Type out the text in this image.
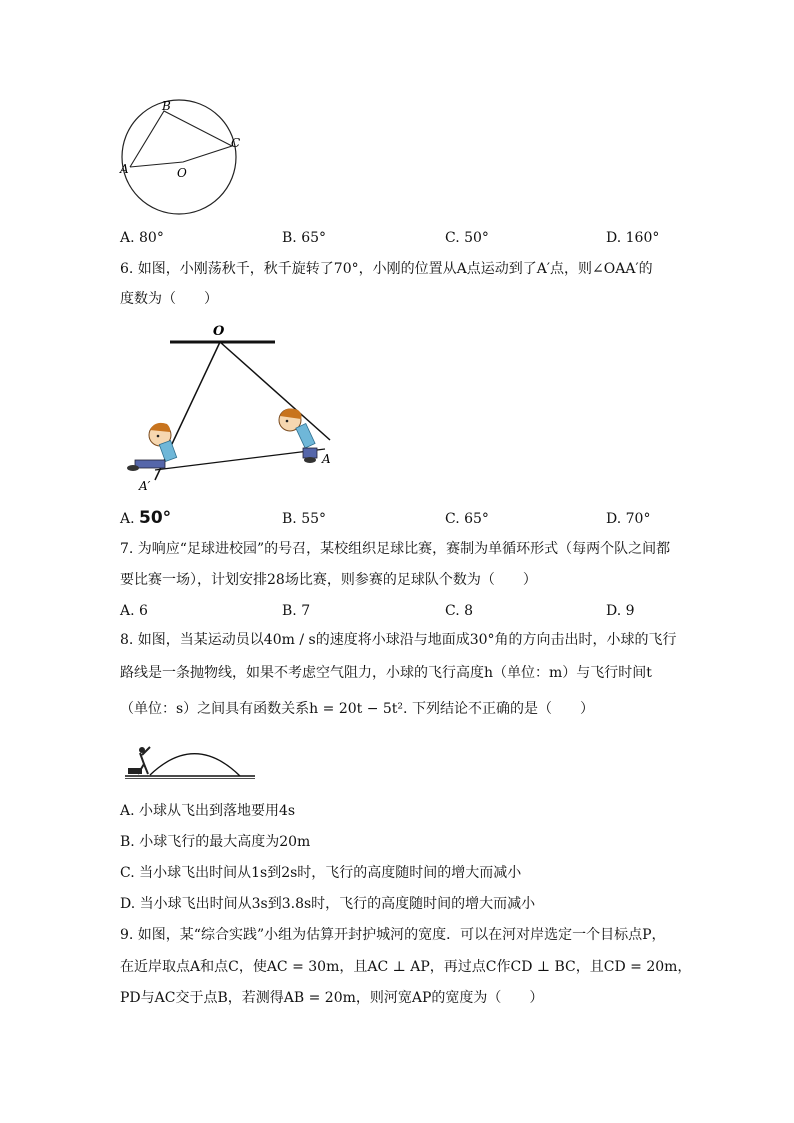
B
C
A	O
A. 80°	B. 65°	C. 50°	D. 160°
6. 如图，小刚荡秋千，秋千旋转了70°，小刚的位置从A点运动到了A′点，则∠OAA′的
度数为（　　）
O
A
A′
A. 50°	B. 55°	C. 65°	D. 70°
7. 为响应“足球进校园”的号召，某校组织足球比赛，赛制为单循环形式（每两个队之间都
要比赛一场），计划安排28场比赛，则参赛的足球队个数为（　　）
A. 6	B. 7	C. 8	D. 9
8. 如图，当某运动员以40m / s的速度将小球沿与地面成30°角的方向击出时，小球的飞行
路线是一条抛物线，如果不考虑空气阻力，小球的飞行高度h（单位：m）与飞行时间t
（单位：s）之间具有函数关系h = 20t − 5t². 下列结论不正确的是（　　）
A. 小球从飞出到落地要用4s
B. 小球飞行的最大高度为20m
C. 当小球飞出时间从1s到2s时，飞行的高度随时间的增大而减小
D. 当小球飞出时间从3s到3.8s时，飞行的高度随时间的增大而减小
9. 如图，某“综合实践”小组为估算开封护城河的宽度．可以在河对岸选定一个目标点P，
在近岸取点A和点C，使AC = 30m，且AC ⊥ AP，再过点C作CD ⊥ BC，且CD = 20m，
PD与AC交于点B，若测得AB = 20m，则河宽AP的宽度为（　　）
